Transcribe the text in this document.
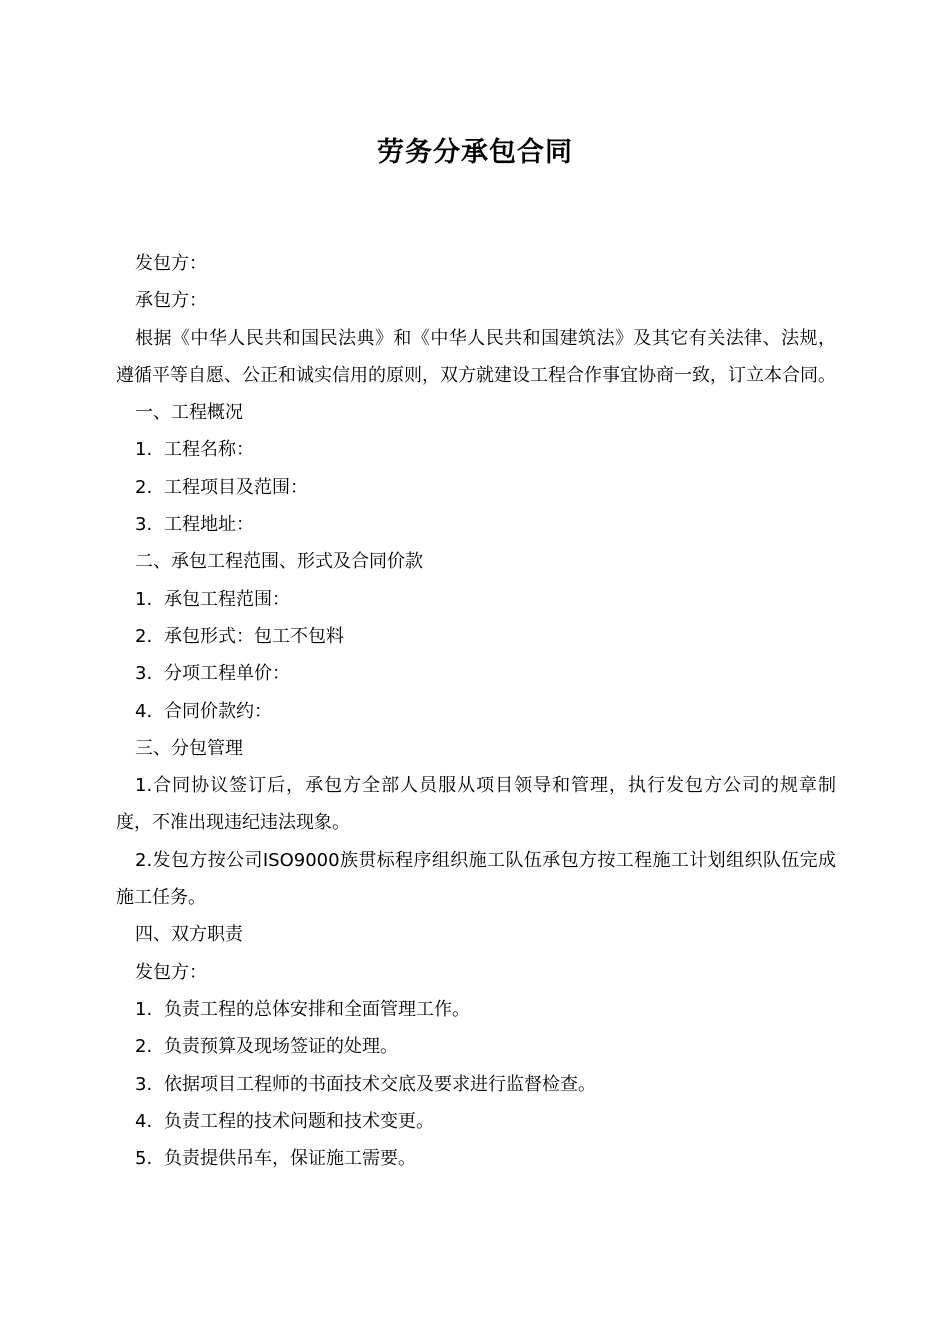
劳务分承包合同

发包方：

承包方：

根据《中华人民共和国民法典》和《中华人民共和国建筑法》及其它有关法律、法规，遵循平等自愿、公正和诚实信用的原则，双方就建设工程合作事宜协商一致，订立本合同。

一、工程概况

1. 工程名称：
2. 工程项目及范围：
3. 工程地址：

二、承包工程范围、形式及合同价款

1. 承包工程范围：
2. 承包形式：包工不包料
3. 分项工程单价：
4. 合同价款约：

三、分包管理

1.合同协议签订后，承包方全部人员服从项目领导和管理，执行发包方公司的规章制度，不准出现违纪违法现象。

2.发包方按公司ISO9000族贯标程序组织施工队伍承包方按工程施工计划组织队伍完成施工任务。

四、双方职责

发包方：

1. 负责工程的总体安排和全面管理工作。
2. 负责预算及现场签证的处理。
3. 依据项目工程师的书面技术交底及要求进行监督检查。
4. 负责工程的技术问题和技术变更。
5. 负责提供吊车，保证施工需要。
